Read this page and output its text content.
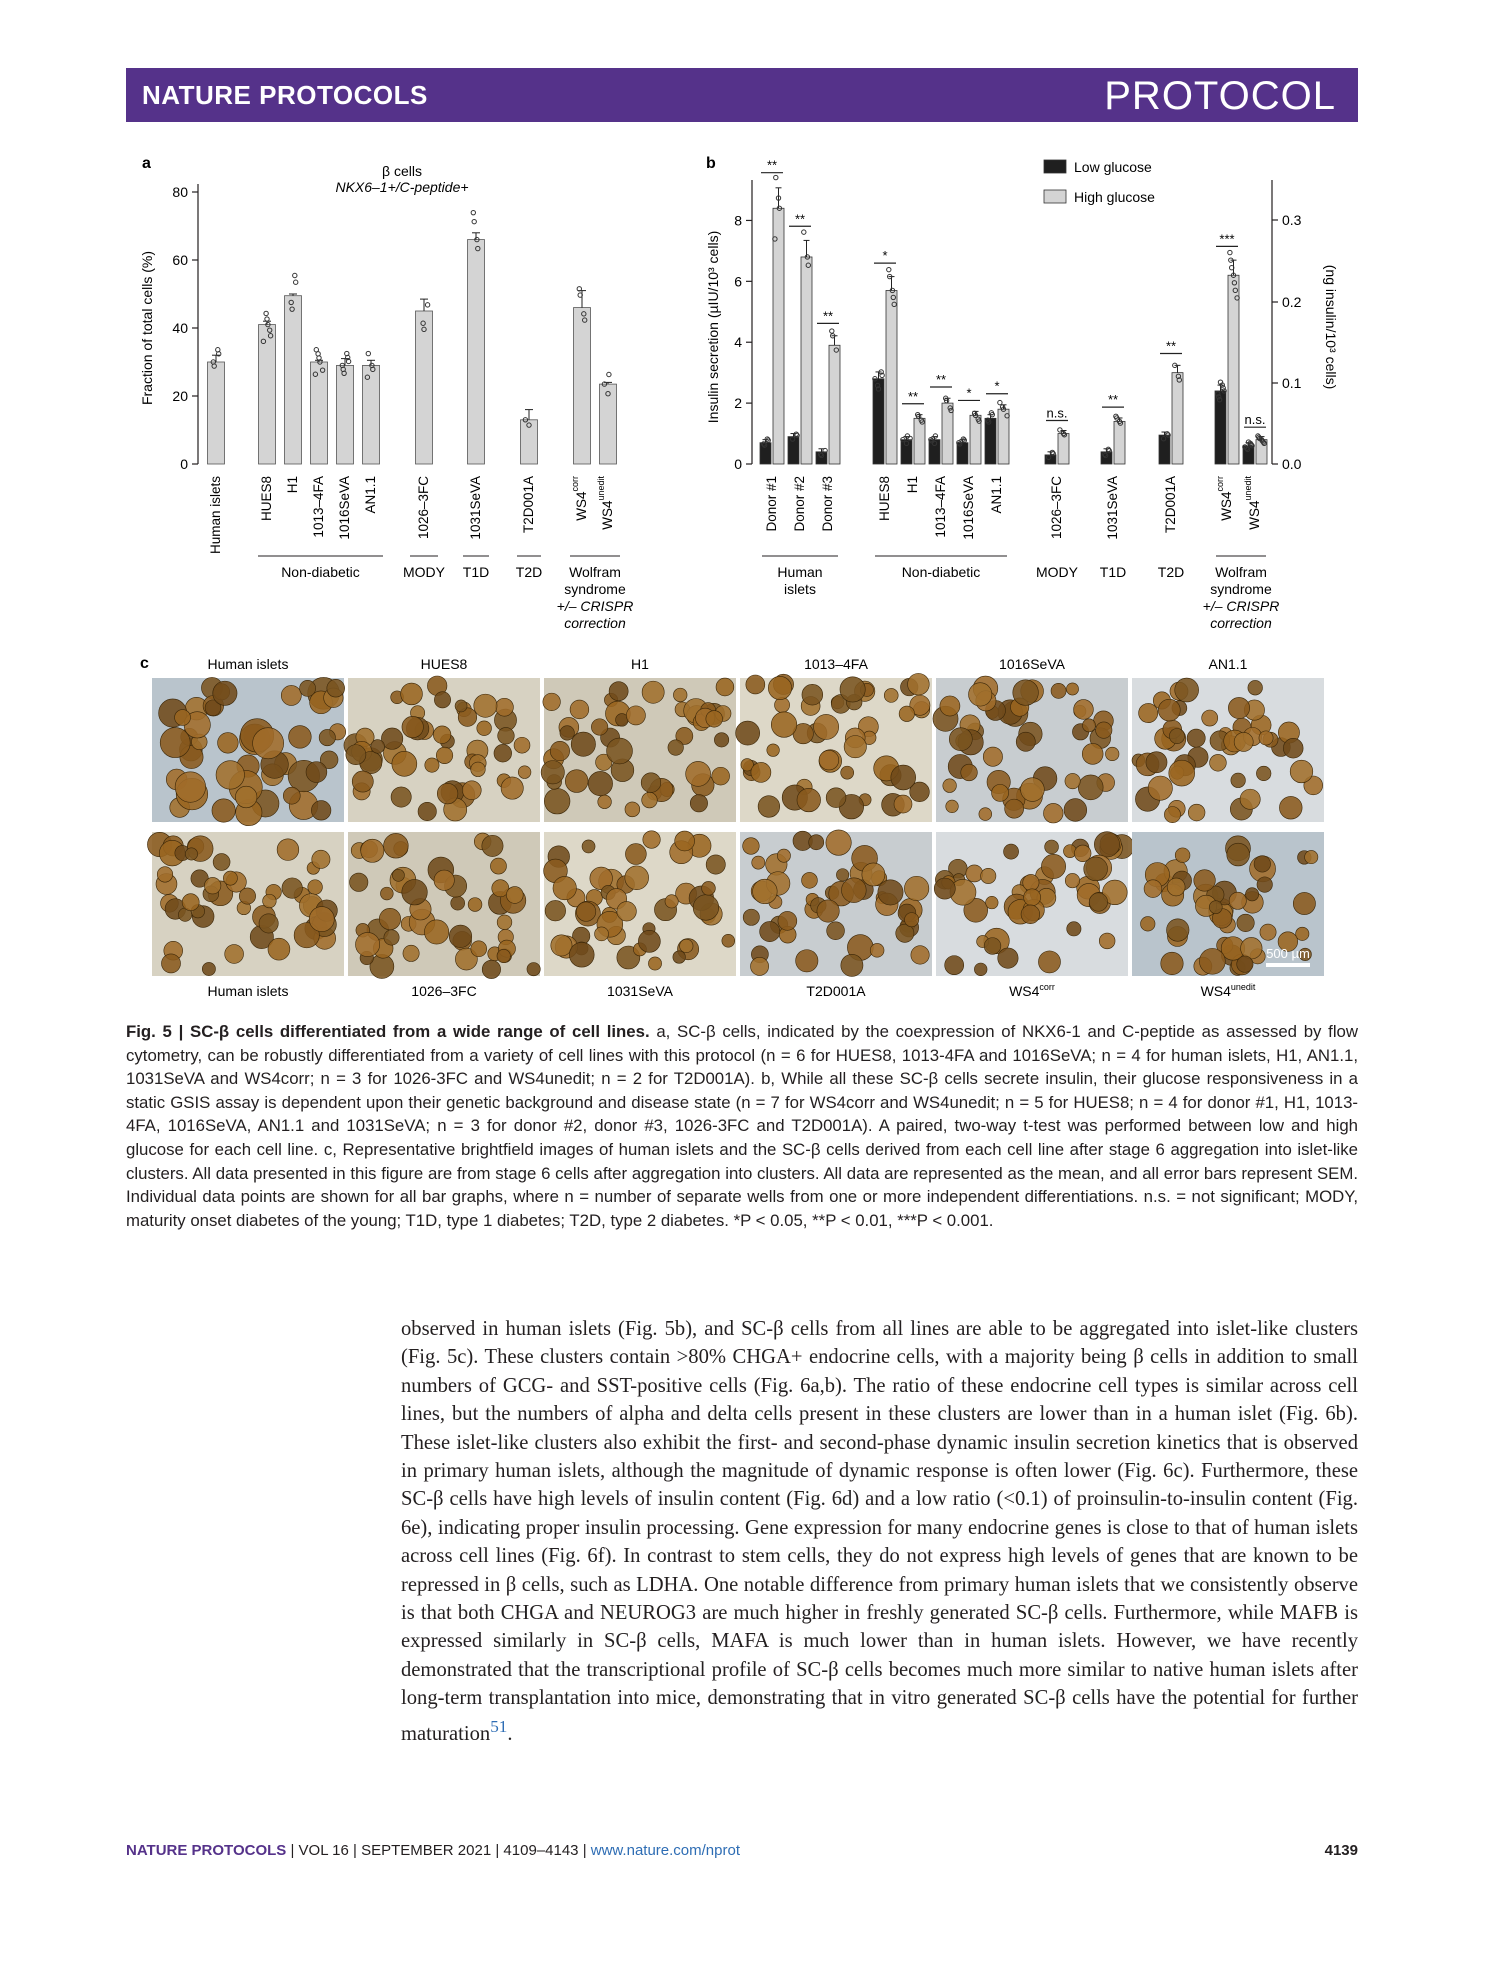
NATURE PROTOCOLS	PROTOCOL
a	β cells
NKX6–1+/C-peptide+
0
20
40
60
80
Fraction of total cells (%)
Human islets	HUES8 H1 1013–4FA 1016SeVA AN1.1	1026–3FC	1031SeVA	T2D001A	$WS4^{corr}$
$WS4^{unedit}$
Non-diabetic	MODY T1D T2D Wolfram
syndrome
+/– CRISPR
correction
b
0
2
4
6
8
0.0
0.1
0.2
0.3
Insulin secretion (µIU/10³ cells)	(ng insulin/10³ cells)
Low glucose
High glucose
**
Donor #1
**
Donor #2
**
Donor #3
*
HUES8
**
H1
**
1013–4FA
*
1016SeVA
*
AN1.1
n.s.
1026–3FC
**
1031SeVA
**
T2D001A
***
$WS4^{corr}$
n.s.
$WS4^{unedit}$
Human
islets
Non-diabetic	MODY T1D T2D Wolfram
syndrome
+/– CRISPR
correction
c	Human islets	HUES8	H1	1013–4FA	1016SeVA	AN1.1
Human islets	1026–3FC	1031SeVA	T2D001A	$WS4^{corr}$	$WS4^{unedit}$
500 µm
Fig. 5 | SC-β cells differentiated from a wide range of cell lines. a, SC-β cells, indicated by the coexpression of NKX6-1 and C-peptide as assessed by flow cytometry, can be robustly differentiated from a variety of cell lines with this protocol (n = 6 for HUES8, 1013-4FA and 1016SeVA; n = 4 for human islets, H1, AN1.1, 1031SeVA and WS4corr; n = 3 for 1026-3FC and WS4unedit; n = 2 for T2D001A). b, While all these SC-β cells secrete insulin, their glucose responsiveness in a static GSIS assay is dependent upon their genetic background and disease state (n = 7 for WS4corr and WS4unedit; n = 5 for HUES8; n = 4 for donor #1, H1, 1013-4FA, 1016SeVA, AN1.1 and 1031SeVA; n = 3 for donor #2, donor #3, 1026-3FC and T2D001A). A paired, two-way t-test was performed between low and high glucose for each cell line. c, Representative brightfield images of human islets and the SC-β cells derived from each cell line after stage 6 aggregation into islet-like clusters. All data presented in this figure are from stage 6 cells after aggregation into clusters. All data are represented as the mean, and all error bars represent SEM. Individual data points are shown for all bar graphs, where n = number of separate wells from one or more independent differentiations. n.s. = not significant; MODY, maturity onset diabetes of the young; T1D, type 1 diabetes; T2D, type 2 diabetes. *P < 0.05, **P < 0.01, ***P < 0.001.
observed in human islets (Fig. 5b), and SC-β cells from all lines are able to be aggregated into islet-like clusters (Fig. 5c). These clusters contain >80% CHGA+ endocrine cells, with a majority being β cells in addition to small numbers of GCG- and SST-positive cells (Fig. 6a,b). The ratio of these endocrine cell types is similar across cell lines, but the numbers of alpha and delta cells present in these clusters are lower than in a human islet (Fig. 6b). These islet-like clusters also exhibit the first- and second-phase dynamic insulin secretion kinetics that is observed in primary human islets, although the magnitude of dynamic response is often lower (Fig. 6c). Furthermore, these SC-β cells have high levels of insulin content (Fig. 6d) and a low ratio (<0.1) of proinsulin-to-insulin content (Fig. 6e), indicating proper insulin processing. Gene expression for many endocrine genes is close to that of human islets across cell lines (Fig. 6f). In contrast to stem cells, they do not express high levels of genes that are known to be repressed in β cells, such as LDHA. One notable difference from primary human islets that we consistently observe is that both CHGA and NEUROG3 are much higher in freshly generated SC-β cells. Furthermore, while MAFB is expressed similarly in SC-β cells, MAFA is much lower than in human islets. However, we have recently demonstrated that the transcriptional profile of SC-β cells becomes much more similar to native human islets after long-term transplantation into mice, demonstrating that in vitro generated SC-β cells have the potential for further maturation$^{51}$.
NATURE PROTOCOLS | VOL 16 | SEPTEMBER 2021 | 4109–4143 | www.nature.com/nprot	4139
